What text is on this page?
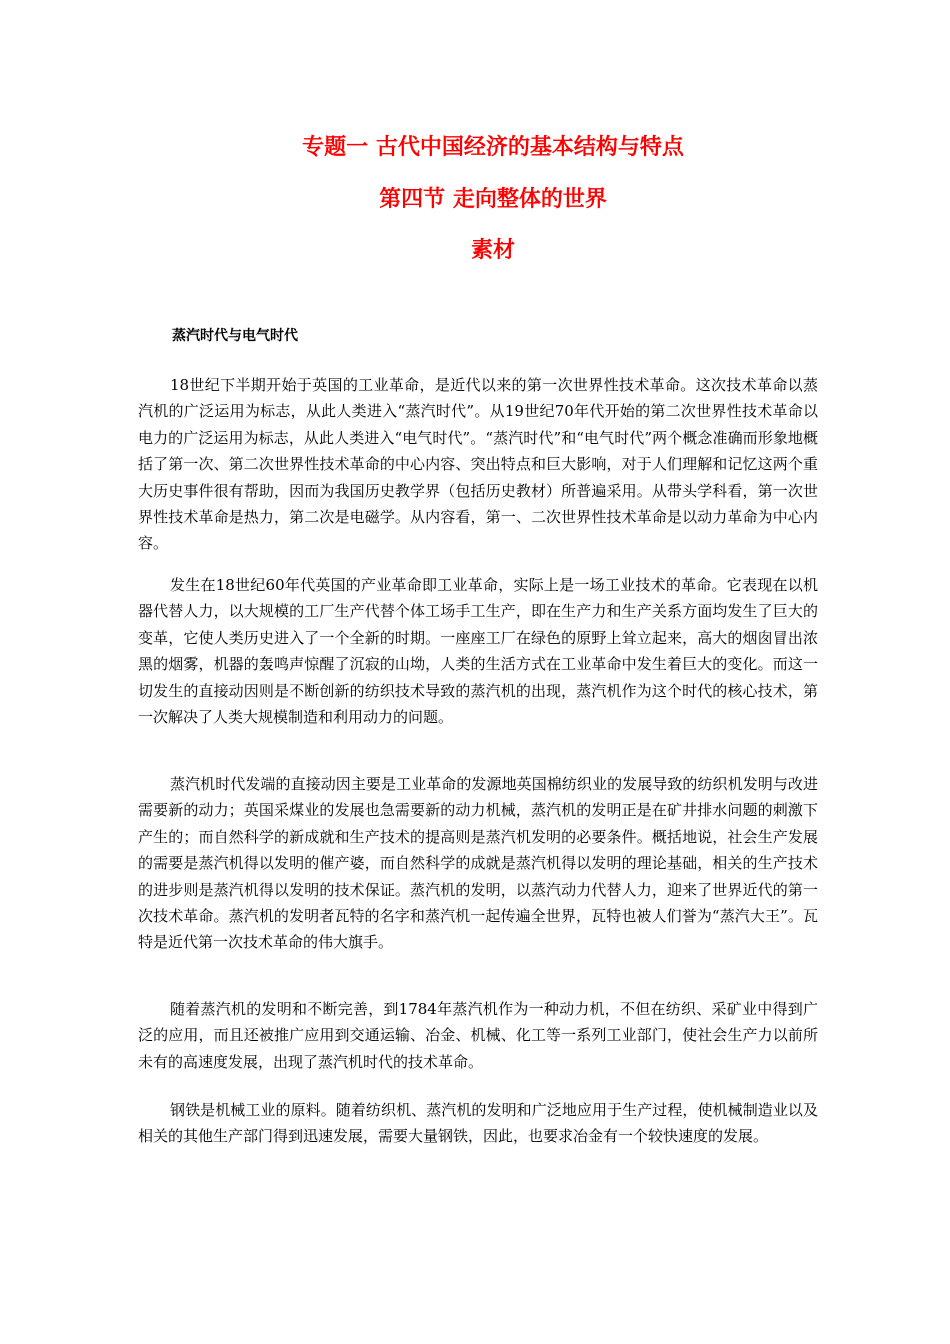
专题一 古代中国经济的基本结构与特点
第四节 走向整体的世界
素材
蒸汽时代与电气时代

18世纪下半期开始于英国的工业革命，是近代以来的第一次世界性技术革命。这次技术革命以蒸汽机的广泛运用为标志，从此人类进入“蒸汽时代”。从19世纪70年代开始的第二次世界性技术革命以电力的广泛运用为标志，从此人类进入“电气时代”。“蒸汽时代”和“电气时代”两个概念准确而形象地概括了第一次、第二次世界性技术革命的中心内容、突出特点和巨大影响，对于人们理解和记忆这两个重大历史事件很有帮助，因而为我国历史教学界（包括历史教材）所普遍采用。从带头学科看，第一次世界性技术革命是热力，第二次是电磁学。从内容看，第一、二次世界性技术革命是以动力革命为中心内容。

发生在18世纪60年代英国的产业革命即工业革命，实际上是一场工业技术的革命。它表现在以机器代替人力，以大规模的工厂生产代替个体工场手工生产，即在生产力和生产关系方面均发生了巨大的变革，它使人类历史进入了一个全新的时期。一座座工厂在绿色的原野上耸立起来，高大的烟囱冒出浓黑的烟雾，机器的轰鸣声惊醒了沉寂的山坳，人类的生活方式在工业革命中发生着巨大的变化。而这一切发生的直接动因则是不断创新的纺织技术导致的蒸汽机的出现，蒸汽机作为这个时代的核心技术，第一次解决了人类大规模制造和利用动力的问题。

蒸汽机时代发端的直接动因主要是工业革命的发源地英国棉纺织业的发展导致的纺织机发明与改进需要新的动力；英国采煤业的发展也急需要新的动力机械，蒸汽机的发明正是在矿井排水问题的刺激下产生的；而自然科学的新成就和生产技术的提高则是蒸汽机发明的必要条件。概括地说，社会生产发展的需要是蒸汽机得以发明的催产婆，而自然科学的成就是蒸汽机得以发明的理论基础，相关的生产技术的进步则是蒸汽机得以发明的技术保证。蒸汽机的发明，以蒸汽动力代替人力，迎来了世界近代的第一次技术革命。蒸汽机的发明者瓦特的名字和蒸汽机一起传遍全世界，瓦特也被人们誉为“蒸汽大王”。瓦特是近代第一次技术革命的伟大旗手。

随着蒸汽机的发明和不断完善，到1784年蒸汽机作为一种动力机，不但在纺织、采矿业中得到广泛的应用，而且还被推广应用到交通运输、冶金、机械、化工等一系列工业部门，使社会生产力以前所未有的高速度发展，出现了蒸汽机时代的技术革命。

钢铁是机械工业的原料。随着纺织机、蒸汽机的发明和广泛地应用于生产过程，使机械制造业以及相关的其他生产部门得到迅速发展，需要大量钢铁，因此，也要求冶金有一个较快速度的发展。
